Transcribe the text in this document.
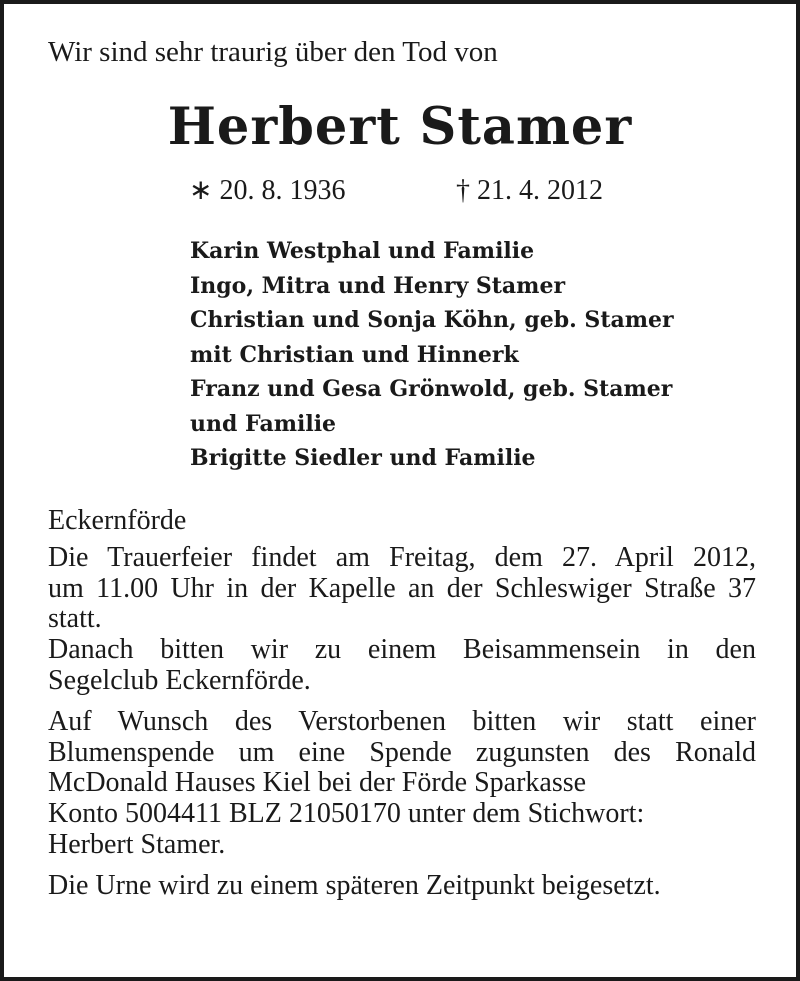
Wir sind sehr traurig über den Tod von
Herbert Stamer
∗ 20. 8. 1936	† 21. 4. 2012
Karin Westphal und Familie
Ingo, Mitra und Henry Stamer
Christian und Sonja Köhn, geb. Stamer
mit Christian und Hinnerk
Franz und Gesa Grönwold, geb. Stamer
und Familie
Brigitte Siedler und Familie

Eckernförde

Die Trauerfeier findet am Freitag, dem 27. April 2012,
um 11.00 Uhr in der Kapelle an der Schleswiger Straße 37
statt.
Danach bitten wir zu einem Beisammensein in den
Segelclub Eckernförde.
Auf Wunsch des Verstorbenen bitten wir statt einer
Blumenspende um eine Spende zugunsten des Ronald
McDonald Hauses Kiel bei der Förde Sparkasse
Konto 5004411 BLZ 21050170 unter dem Stichwort:
Herbert Stamer.

Die Urne wird zu einem späteren Zeitpunkt beigesetzt.
